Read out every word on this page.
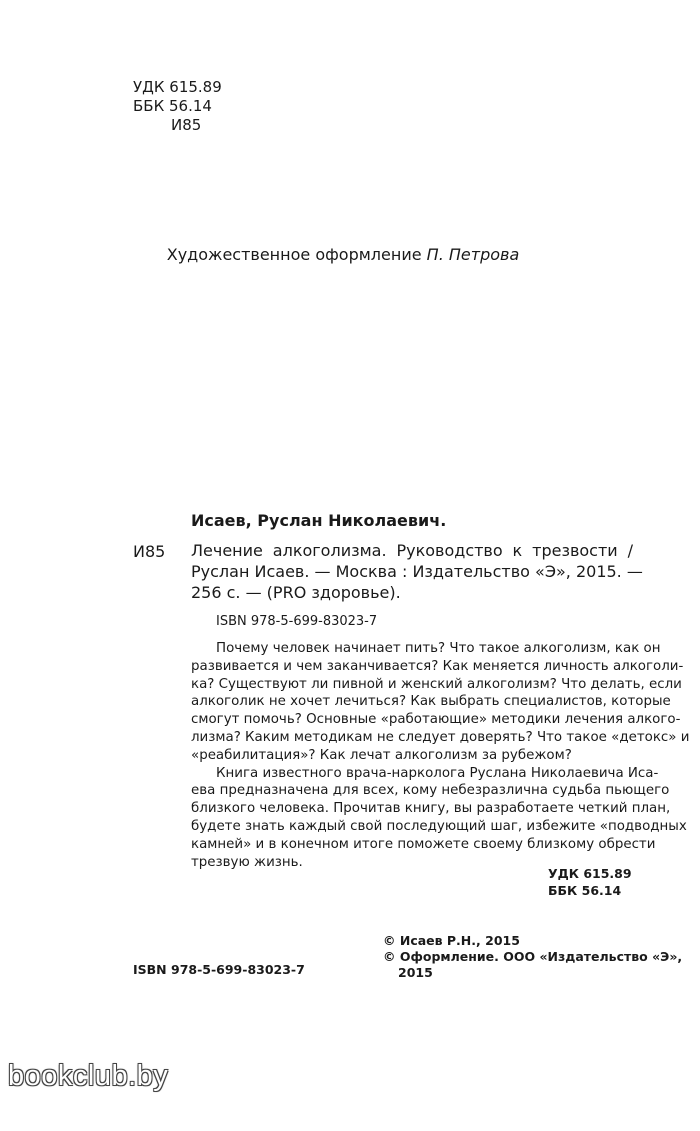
УДК 615.89
ББК 56.14
И85
Художественное оформление П. Петрова
Исаев, Руслан Николаевич.
И85 Лечение алкоголизма. Руководство к трезвости /
Руслан Исаев. — Москва : Издательство «Э», 2015. —
256 с. — (PRO здоровье).
ISBN 978-5-699-83023-7
Почему человек начинает пить? Что такое алкоголизм, как он
развивается и чем заканчивается? Как меняется личность алкоголи-
ка? Существуют ли пивной и женский алкоголизм? Что делать, если
алкоголик не хочет лечиться? Как выбрать специалистов, которые
смогут помочь? Основные «работающие» методики лечения алкого-
лизма? Каким методикам не следует доверять? Что такое «детокс» и
«реабилитация»? Как лечат алкоголизм за рубежом?
Книга известного врача-нарколога Руслана Николаевича Иса-
ева предназначена для всех, кому небезразлична судьба пьющего
близкого человека. Прочитав книгу, вы разработаете четкий план,
будете знать каждый свой последующий шаг, избежите «подводных
камней» и в конечном итоге поможете своему близкому обрести
трезвую жизнь.
УДК 615.89
ББК 56.14
© Исаев Р.Н., 2015
© Оформление. ООО «Издательство «Э»,
2015
ISBN 978-5-699-83023-7
bookclub.by
